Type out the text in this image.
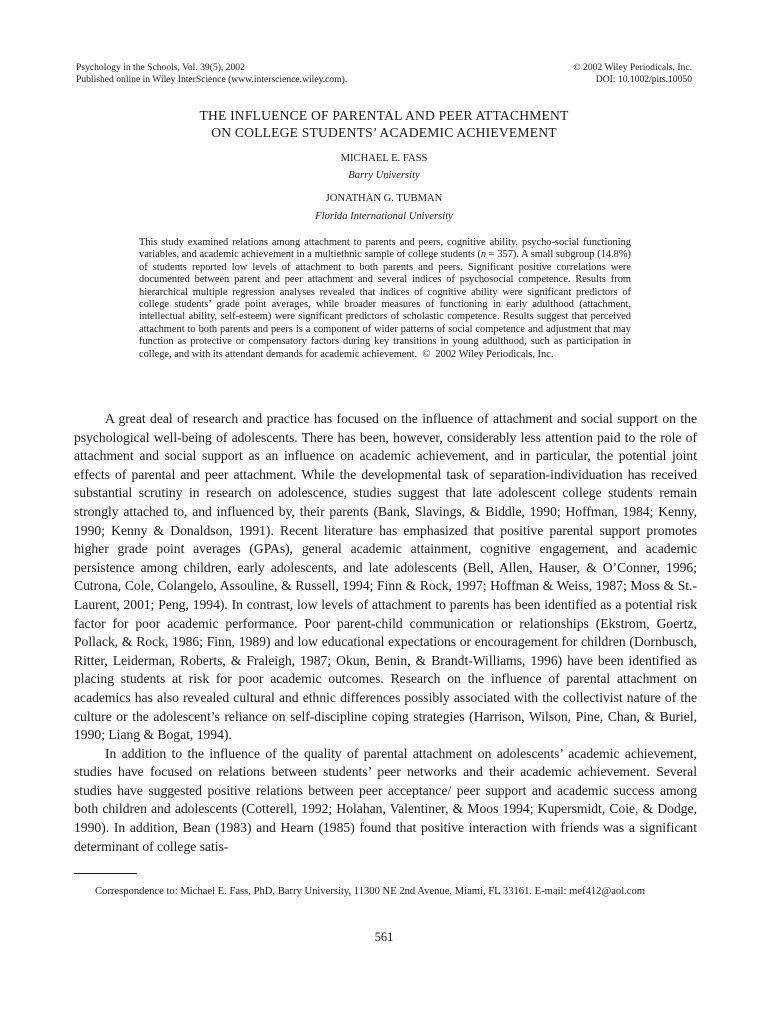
Psychology in the Schools, Vol. 39(5), 2002
Published online in Wiley InterScience (www.interscience.wiley.com).
© 2002 Wiley Periodicals, Inc.
DOI: 10.1002/pits.10050
THE INFLUENCE OF PARENTAL AND PEER ATTACHMENT
ON COLLEGE STUDENTS’ ACADEMIC ACHIEVEMENT
MICHAEL E. FASS
Barry University
JONATHAN G. TUBMAN
Florida International University

This study examined relations among attachment to parents and peers, cognitive ability, psycho-social functioning variables, and academic achievement in a multiethnic sample of college students (n = 357). A small subgroup (14.8%) of students reported low levels of attachment to both parents and peers. Significant positive correlations were documented between parent and peer attachment and several indices of psychosocial competence. Results from hierarchical multiple regression analyses revealed that indices of cognitive ability were significant predictors of college students’ grade point averages, while broader measures of functioning in early adulthood (attachment, intellectual ability, self-esteem) were significant predictors of scholastic competence. Results suggest that perceived attachment to both parents and peers is a component of wider patterns of social competence and adjustment that may function as protective or compensatory factors during key transitions in young adulthood, such as participation in college, and with its attendant demands for academic achievement.  ©  2002 Wiley Periodicals, Inc.

A great deal of research and practice has focused on the influence of attachment and social support on the psychological well-being of adolescents. There has been, however, considerably less attention paid to the role of attachment and social support as an influence on academic achievement, and in particular, the potential joint effects of parental and peer attachment. While the developmental task of separation-individuation has received substantial scrutiny in research on adolescence, studies suggest that late adolescent college students remain strongly attached to, and influenced by, their parents (Bank, Slavings, & Biddle, 1990; Hoffman, 1984; Kenny, 1990; Kenny & Donaldson, 1991). Recent literature has emphasized that positive parental support promotes higher grade point averages (GPAs), general academic attainment, cognitive engagement, and academic persistence among children, early adolescents, and late adolescents (Bell, Allen, Hauser, & O’Conner, 1996; Cutrona, Cole, Colangelo, Assouline, & Russell, 1994; Finn & Rock, 1997; Hoffman & Weiss, 1987; Moss & St.-Laurent, 2001; Peng, 1994). In contrast, low levels of attachment to parents has been identified as a potential risk factor for poor academic performance. Poor parent-child communication or relationships (Ekstrom, Goertz, Pollack, & Rock, 1986; Finn, 1989) and low educational expectations or encouragement for children (Dornbusch, Ritter, Leiderman, Roberts, & Fraleigh, 1987; Okun, Benin, & Brandt-Williams, 1996) have been identified as placing students at risk for poor academic outcomes. Research on the influence of parental attachment on academics has also revealed cultural and ethnic differences possibly associated with the collectivist nature of the culture or the adolescent’s reliance on self-discipline coping strategies (Harrison, Wilson, Pine, Chan, & Buriel, 1990; Liang & Bogat, 1994).

In addition to the influence of the quality of parental attachment on adolescents’ academic achievement, studies have focused on relations between students’ peer networks and their academic achievement. Several studies have suggested positive relations between peer acceptance/ peer support and academic success among both children and adolescents (Cotterell, 1992; Holahan, Valentiner, & Moos 1994; Kupersmidt, Coie, & Dodge, 1990). In addition, Bean (1983) and Hearn (1985) found that positive interaction with friends was a significant determinant of college satis-

Correspondence to: Michael E. Fass, PhD, Barry University, 11300 NE 2nd Avenue, Miami, FL 33161. E-mail: mef412@aol.com

561
